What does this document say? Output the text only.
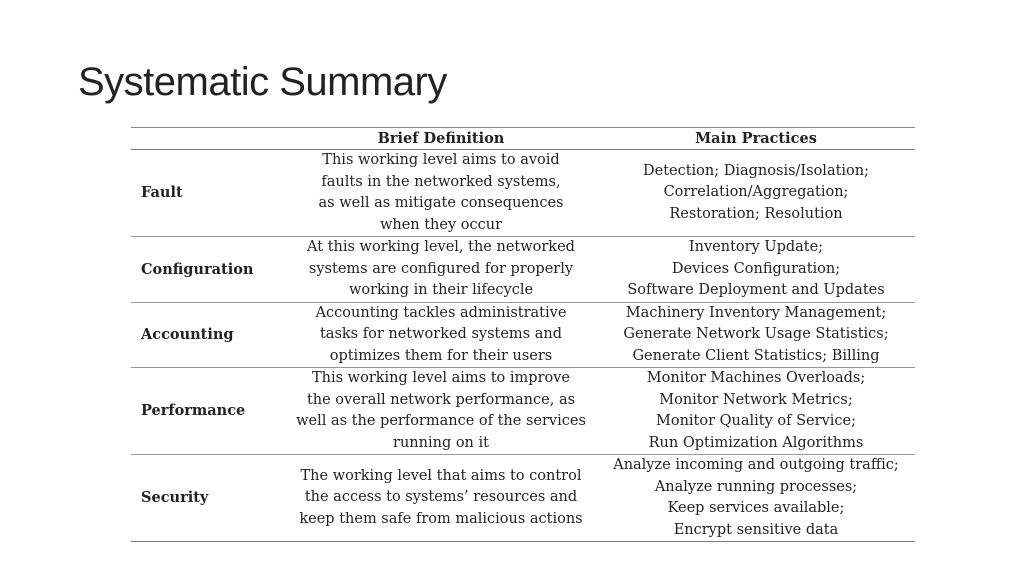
Systematic Summary
	Brief Definition	Main Practices
Fault	This working level aims to avoid
faults in the networked systems,
as well as mitigate consequences
when they occur	Detection; Diagnosis/Isolation;
Correlation/Aggregation;
Restoration; Resolution

Configuration	At this working level, the networked
systems are configured for properly
working in their lifecycle	Inventory Update;
Devices Configuration;
Software Deployment and Updates

Accounting	Accounting tackles administrative
tasks for networked systems and
optimizes them for their users	Machinery Inventory Management;
Generate Network Usage Statistics;
Generate Client Statistics; Billing

Performance	This working level aims to improve
the overall network performance, as
well as the performance of the services
running on it	Monitor Machines Overloads;
Monitor Network Metrics;
Monitor Quality of Service;
Run Optimization Algorithms

Security	The working level that aims to control
the access to systems’ resources and
keep them safe from malicious actions	Analyze incoming and outgoing traffic;
Analyze running processes;
Keep services available;
Encrypt sensitive data
